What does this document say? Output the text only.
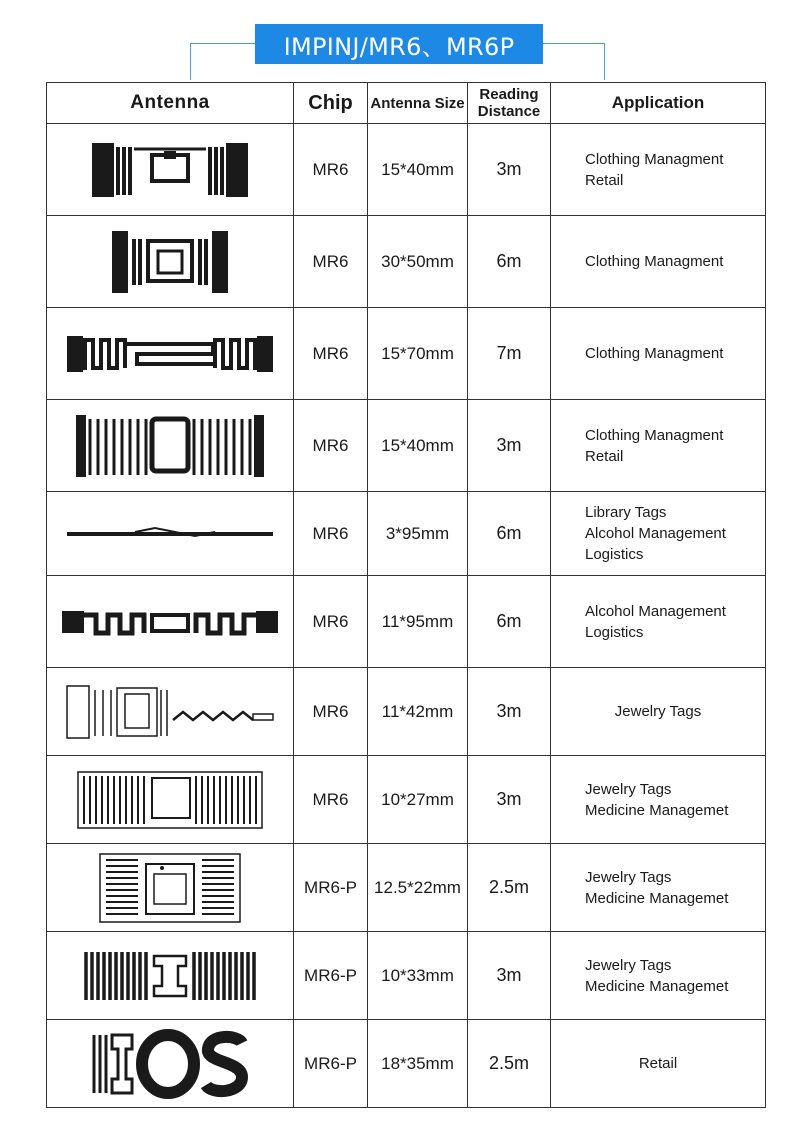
IMPINJ/MR6、MR6P
Antenna	Chip	Antenna Size	Reading Distance	Application

	MR6	15*40mm	3m	Clothing Managment
Retail

	MR6	30*50mm	6m	Clothing Managment

	MR6	15*70mm	7m	Clothing Managment

	MR6	15*40mm	3m	Clothing Managment
Retail

	MR6	3*95mm	6m	Library Tags
Alcohol Management
Logistics

	MR6	11*95mm	6m	Alcohol Management
Logistics

	MR6	11*42mm	3m	Jewelry Tags

	MR6	10*27mm	3m	Jewelry Tags
Medicine Managemet

	MR6-P	12.5*22mm	2.5m	Jewelry Tags
Medicine Managemet

	MR6-P	10*33mm	3m	Jewelry Tags
Medicine Managemet

	MR6-P	18*35mm	2.5m	Retail
